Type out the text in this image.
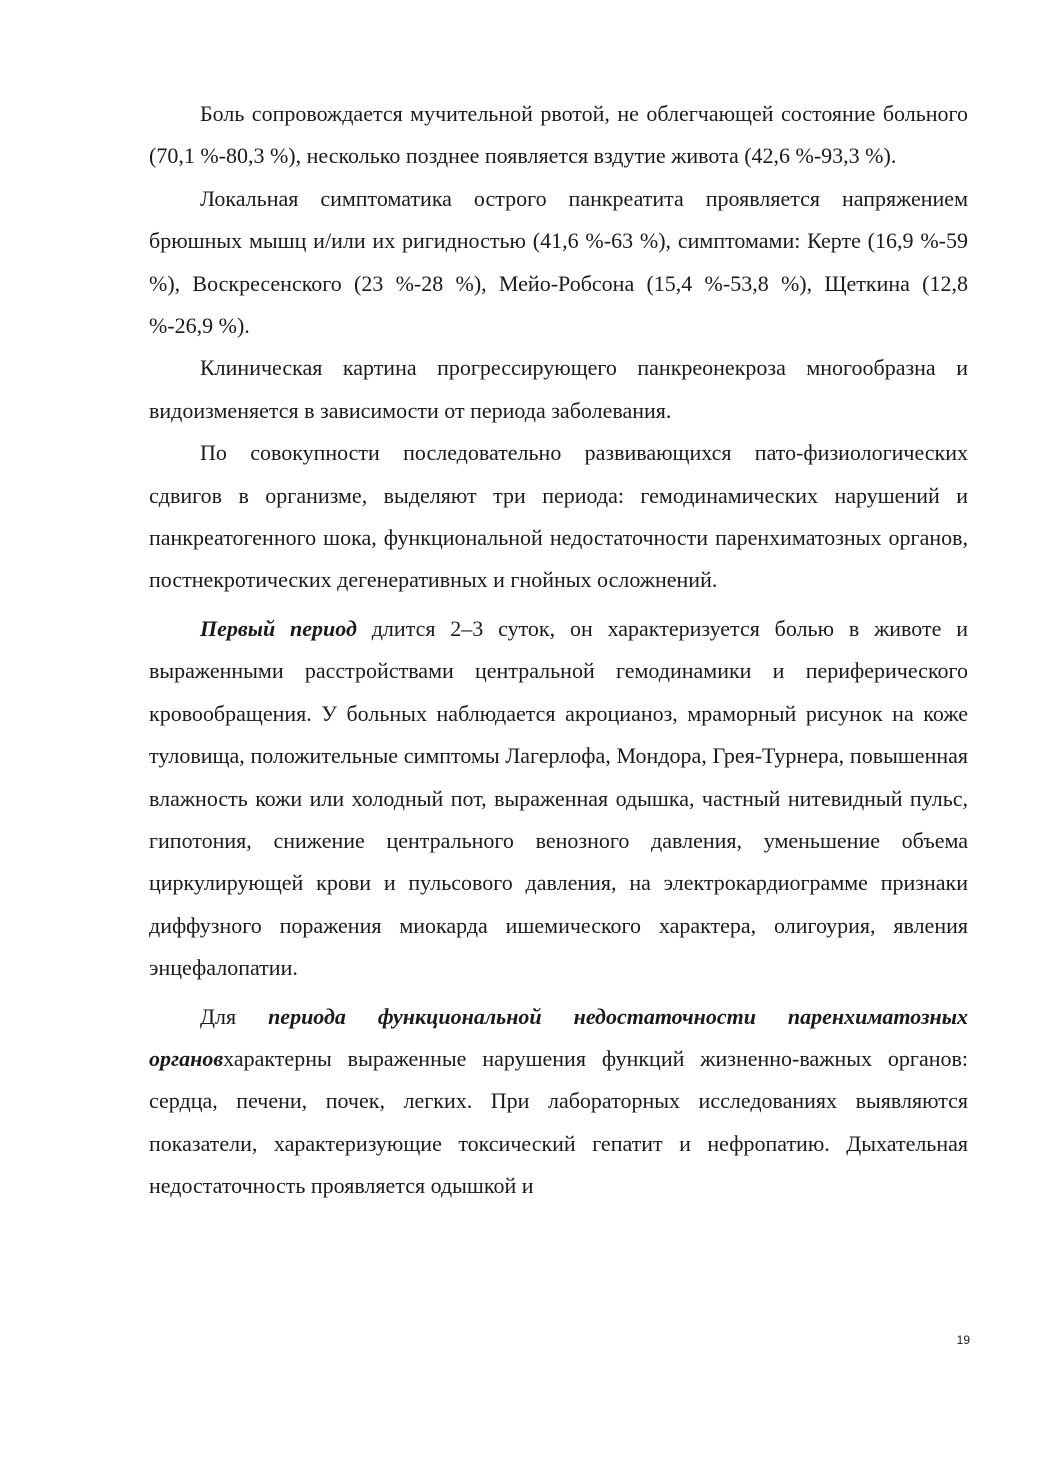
Боль сопровождается мучительной рвотой, не облегчающей состояние больного (70,1 %-80,3 %), несколько позднее появляется вздутие живота (42,6 %-93,3 %).

Локальная симптоматика острого панкреатита проявляется напряжением брюшных мышц и/или их ригидностью (41,6 %-63 %), симптомами: Керте (16,9 %-59 %), Воскресенского (23 %-28 %), Мейо-Робсона (15,4 %-53,8 %), Щеткина (12,8 %-26,9 %).

Клиническая картина прогрессирующего панкреонекроза многообразна и видоизменяется в зависимости от периода заболевания.

По совокупности последовательно развивающихся пато-физиологических сдвигов в организме, выделяют три периода: гемодинамических нарушений и панкреатогенного шока, функциональной недостаточности паренхиматозных органов, постнекротических дегенеративных и гнойных осложнений.

Первый период длится 2–3 суток, он характеризуется болью в животе и выраженными расстройствами центральной гемодинамики и периферического кровообращения. У больных наблюдается акроцианоз, мраморный рисунок на коже туловища, положительные симптомы Лагерлофа, Мондора, Грея-Турнера, повышенная влажность кожи или холодный пот, выраженная одышка, частный нитевидный пульс, гипотония, снижение центрального венозного давления, уменьшение объема циркулирующей крови и пульсового давления, на электрокардиограмме признаки диффузного поражения миокарда ишемического характера, олигоурия, явления энцефалопатии.

Для периода функциональной недостаточности паренхиматозных органовхарактерны выраженные нарушения функций жизненно-важных органов: сердца, печени, почек, легких. При лабораторных исследованиях выявляются показатели, характеризующие токсический гепатит и нефропатию. Дыхательная недостаточность проявляется одышкой и

19
